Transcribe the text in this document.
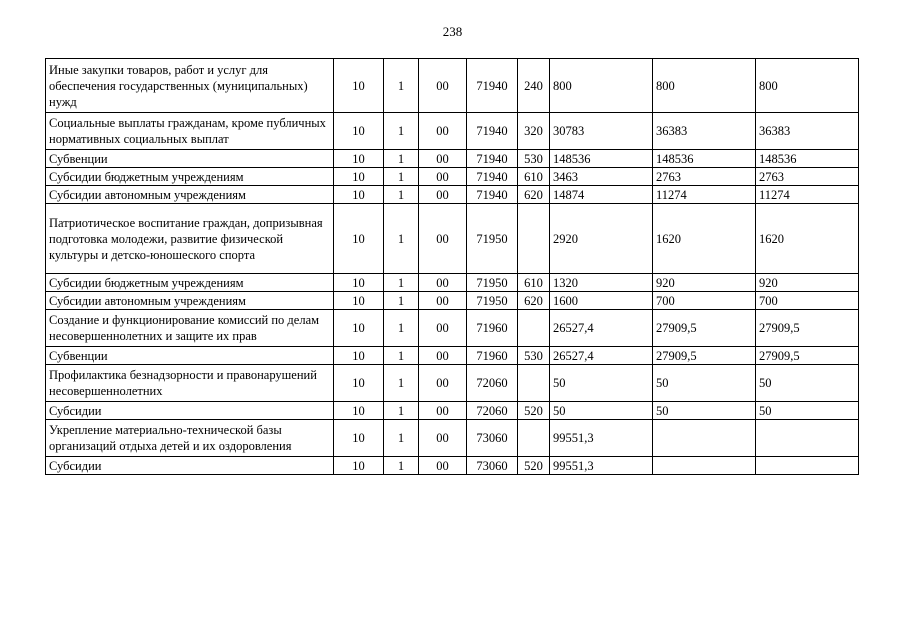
238
Иные закупки товаров, работ и услуг для обеспечения государственных (муниципальных) нужд	10	1	00	71940	240	800	800	800
Социальные выплаты гражданам, кроме публичных нормативных социальных выплат	10	1	00	71940	320	30783	36383	36383
Субвенции	10	1	00	71940	530	148536	148536	148536
Субсидии бюджетным учреждениям	10	1	00	71940	610	3463	2763	2763
Субсидии автономным учреждениям	10	1	00	71940	620	14874	11274	11274
Патриотическое воспитание граждан, допризывная подготовка молодежи, развитие физической культуры и детско-юношеского спорта	10	1	00	71950		2920	1620	1620
Субсидии бюджетным учреждениям	10	1	00	71950	610	1320	920	920
Субсидии автономным учреждениям	10	1	00	71950	620	1600	700	700
Создание и функционирование комиссий по делам несовершеннолетних и защите их прав	10	1	00	71960		26527,4	27909,5	27909,5
Субвенции	10	1	00	71960	530	26527,4	27909,5	27909,5
Профилактика безнадзорности и правонарушений несовершеннолетних	10	1	00	72060		50	50	50
Субсидии	10	1	00	72060	520	50	50	50
Укрепление материально-технической базы организаций отдыха детей и их оздоровления	10	1	00	73060		99551,3		
Субсидии	10	1	00	73060	520	99551,3		
